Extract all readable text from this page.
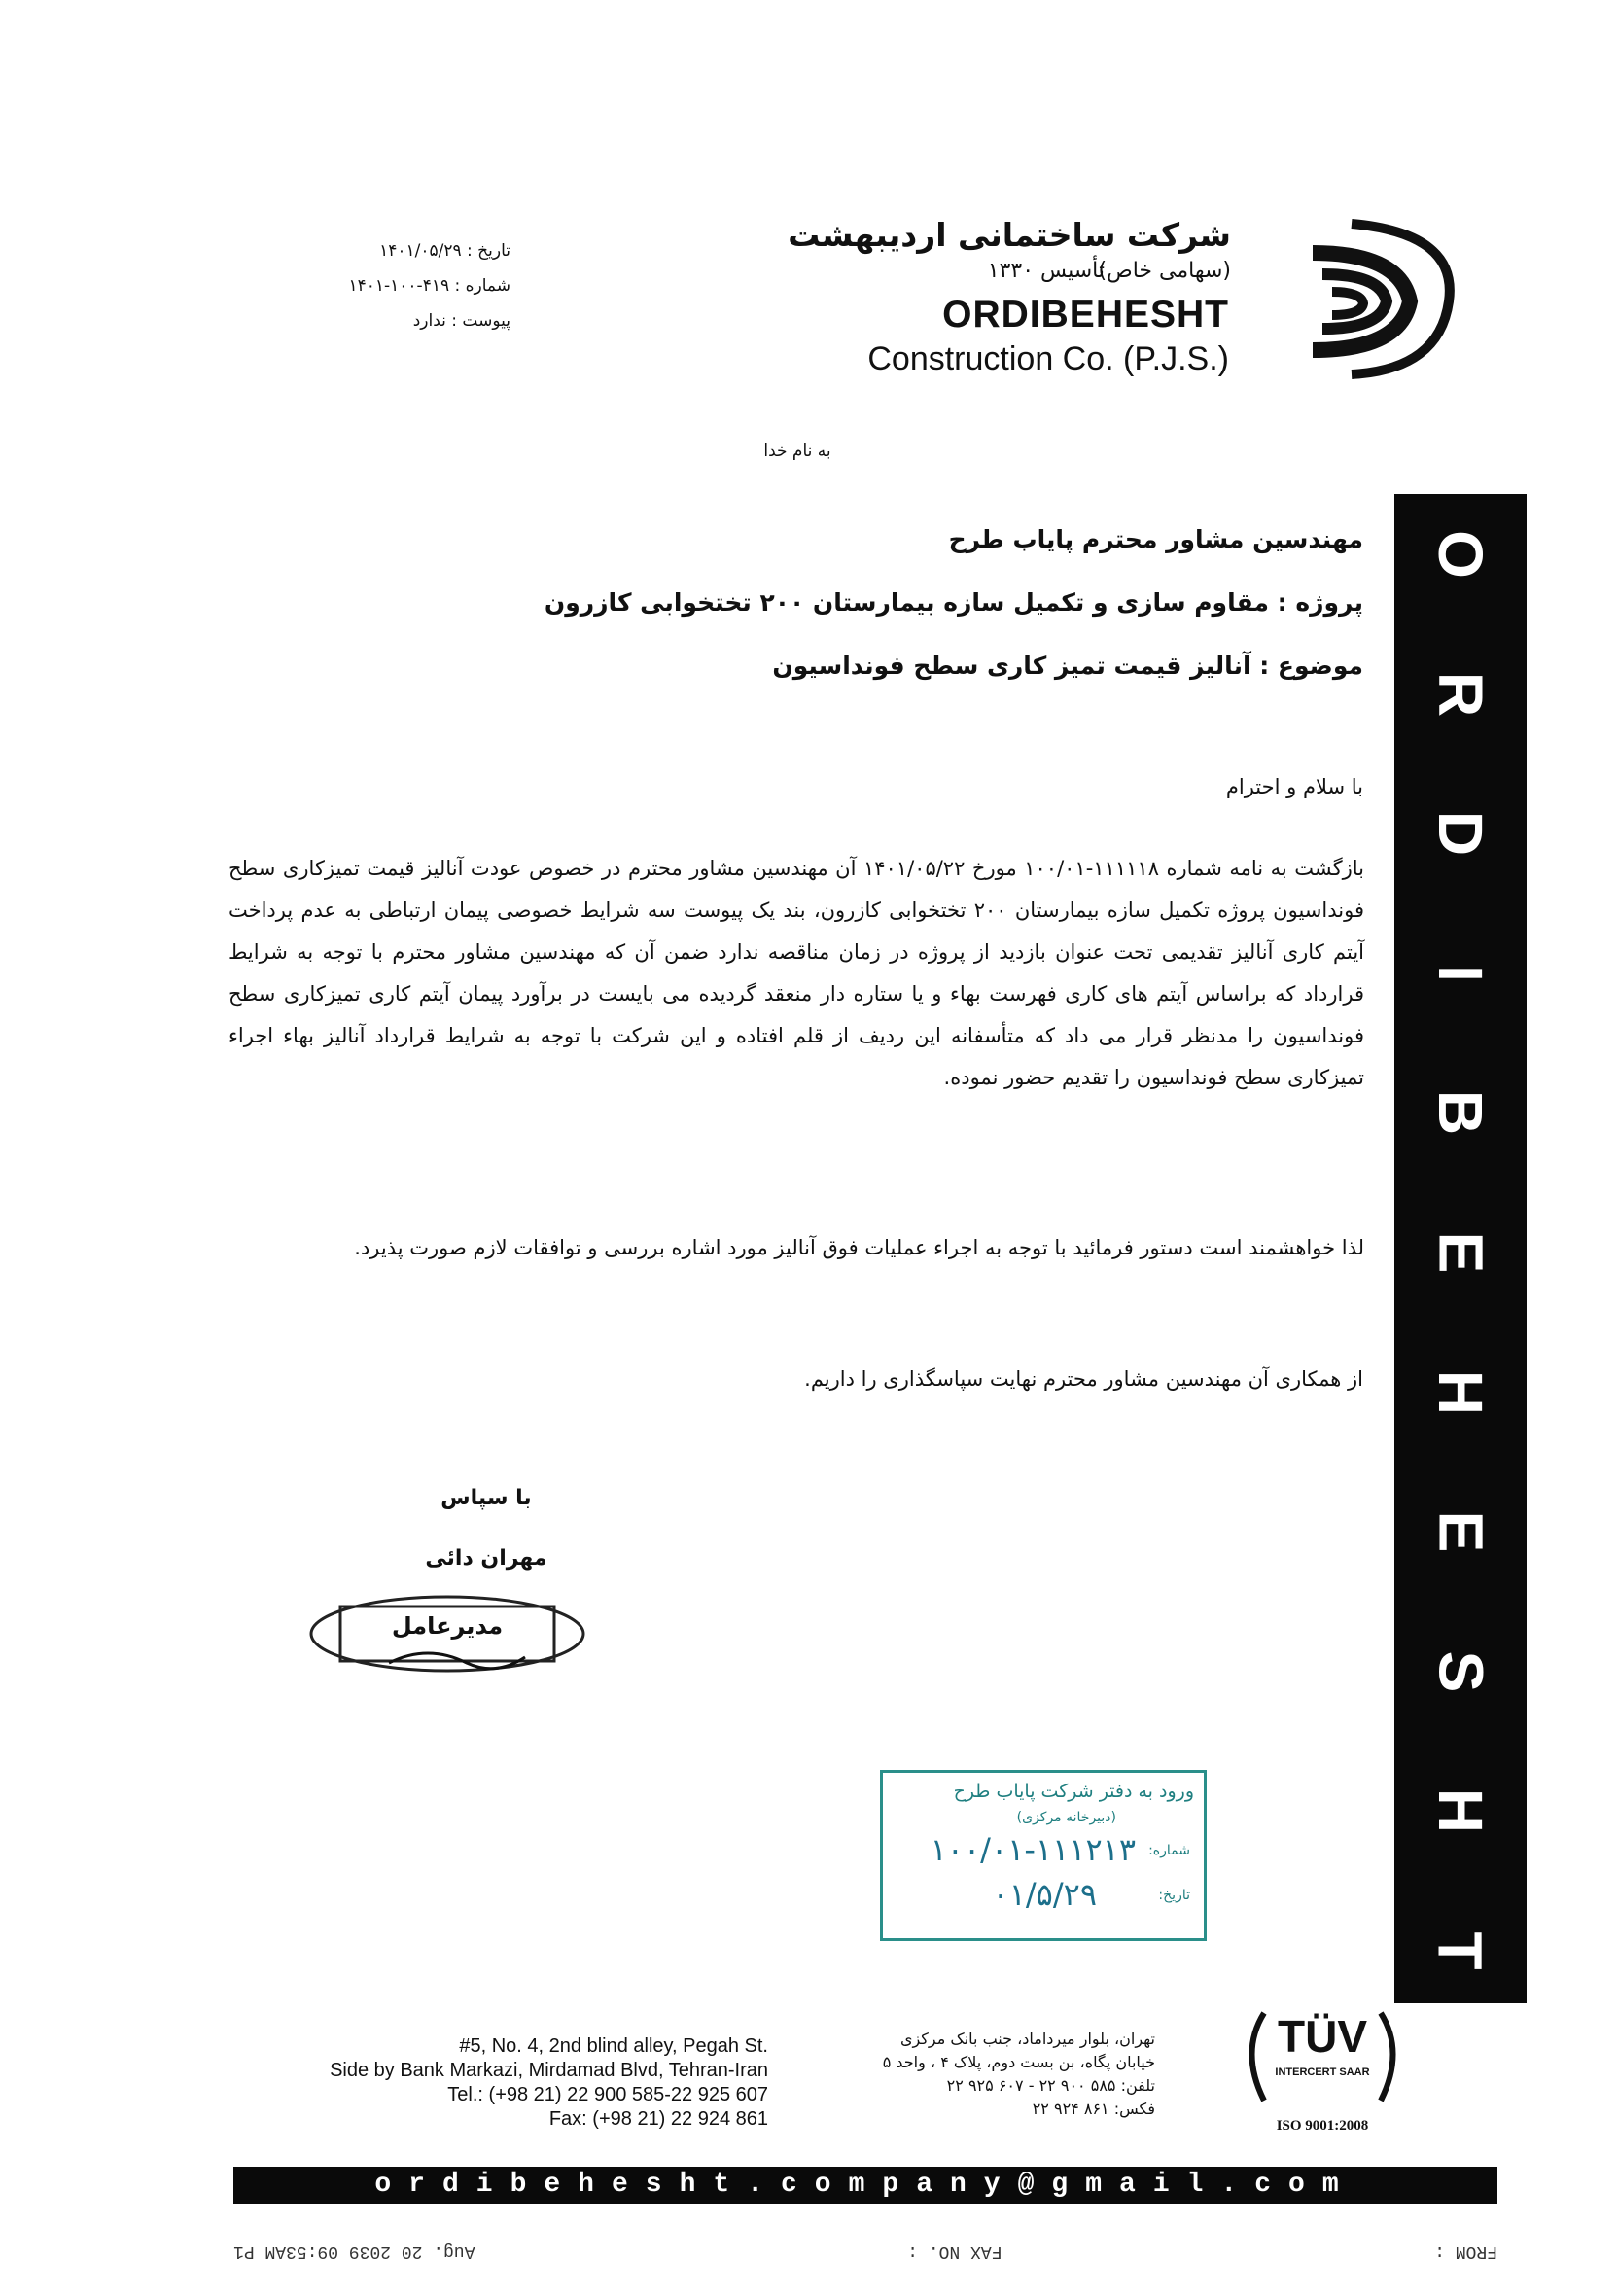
شرکت ساختمانی اردیبهشت
(سهامی خاص)
تأسیس ۱۳۳۰
ORDIBEHESHT
Construction Co. (P.J.S.)
تاریخ : ۱۴۰۱/۰۵/۲۹
شماره : ۴۱۹-۱۰۰-۱۴۰۱
پیوست : ندارد
O
R
D
I
B
E
H
E
S
H
T
به نام خدا
مهندسین مشاور محترم پایاب طرح
پروژه : مقاوم سازی و تکمیل سازه بیمارستان ۲۰۰ تختخوابی کازرون
موضوع : آنالیز قیمت تمیز کاری سطح فونداسیون
با سلام و احترام
بازگشت به نامه شماره ۱۱۱۱۱۸-۱۰۰/۰۱ مورخ ۱۴۰۱/۰۵/۲۲ آن مهندسین مشاور محترم در خصوص عودت آنالیز قیمت تمیزکاری سطح فونداسیون پروژه تکمیل سازه بیمارستان ۲۰۰ تختخوابی کازرون، بند یک پیوست سه شرایط خصوصی پیمان ارتباطی به عدم پرداخت آیتم کاری آنالیز تقدیمی تحت عنوان بازدید از پروژه در زمان مناقصه ندارد ضمن آن که مهندسین مشاور محترم با توجه به شرایط قرارداد که براساس آیتم های کاری فهرست بهاء و یا ستاره دار منعقد گردیده می بایست در برآورد پیمان آیتم کاری تمیزکاری سطح فونداسیون را مدنظر قرار می داد که متأسفانه این ردیف از قلم افتاده و این شرکت با توجه به شرایط قرارداد آنالیز بهاء اجراء تمیزکاری سطح فونداسیون را تقدیم حضور نموده.
لذا خواهشمند است دستور فرمائید با توجه به اجراء عملیات فوق آنالیز مورد اشاره بررسی و توافقات لازم صورت پذیرد.
از همکاری آن مهندسین مشاور محترم نهایت سپاسگذاری را داریم.
با سپاس
مهران دائی
مدیرعامل
ورود به دفتر شرکت پایاب طرح
(دبیرخانه مرکزی)
شماره:
۱۰۰/۰۱-۱۱۱۲۱۳
تاریخ:
۰۱/۵/۲۹
TÜV
INTERCERT SAAR
ISO 9001:2008
تهران، بلوار میرداماد، جنب بانک مرکزی
خیابان پگاه، بن بست دوم، پلاک ۴ ، واحد ۵
تلفن: ۵۸۵ ۹۰۰ ۲۲ - ۶۰۷ ۹۲۵ ۲۲
فکس: ۸۶۱ ۹۲۴ ۲۲
#5, No. 4, 2nd blind alley, Pegah St.
Side by Bank Markazi, Mirdamad Blvd, Tehran-Iran
Tel.: (+98 21) 22 900 585-22 925 607
Fax: (+98 21) 22 924 861
ordibehesht.company@gmail.com
FROM :
FAX NO. :
Aug. 20 2039 09:53AM P1
